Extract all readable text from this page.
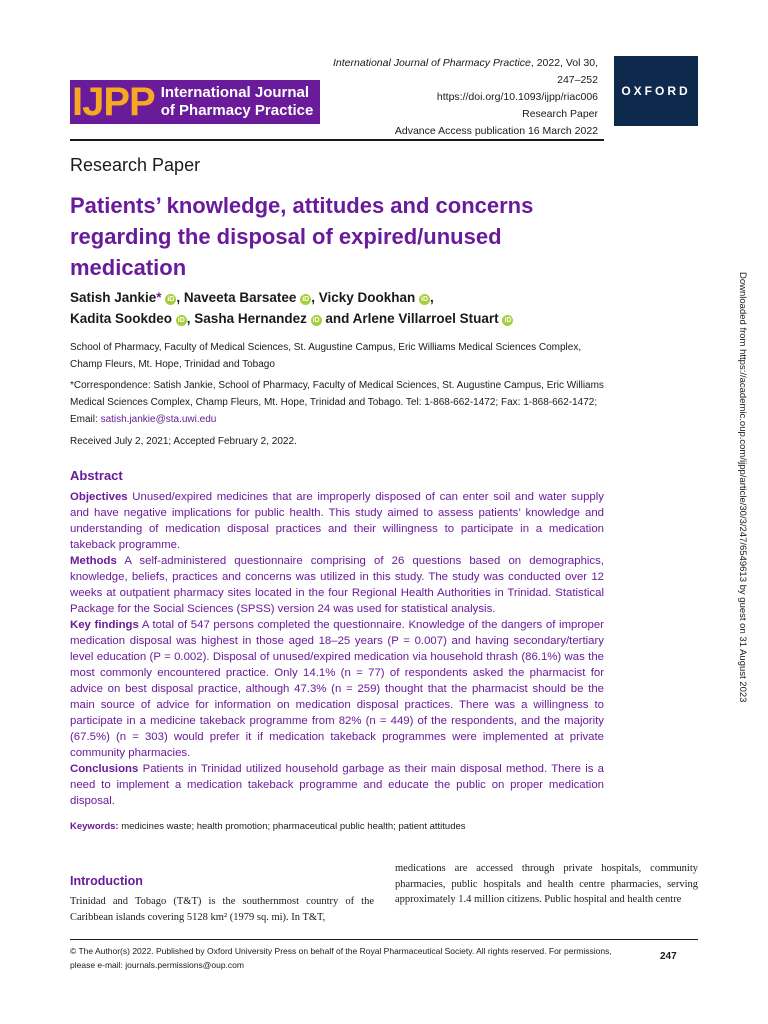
IJPP International Journal
of Pharmacy Practice
International Journal of Pharmacy Practice, 2022, Vol 30, 247–252
https://doi.org/10.1093/ijpp/riac006
Research Paper
Advance Access publication 16 March 2022
OXFORD
Research Paper
Patients’ knowledge, attitudes and concerns regarding the disposal of expired/unused medication
Satish Jankie* iD , Naveeta Barsatee iD , Vicky Dookhan iD ,
Kadita Sookdeo iD , Sasha Hernandez iD and Arlene Villarroel Stuart iD
School of Pharmacy, Faculty of Medical Sciences, St. Augustine Campus, Eric Williams Medical Sciences Complex, Champ Fleurs, Mt. Hope, Trinidad and Tobago
*Correspondence: Satish Jankie, School of Pharmacy, Faculty of Medical Sciences, St. Augustine Campus, Eric Williams Medical Sciences Complex, Champ Fleurs, Mt. Hope, Trinidad and Tobago. Tel: 1-868-662-1472; Fax: 1-868-662-1472; Email: satish.jankie@sta.uwi.edu
Received July 2, 2021; Accepted February 2, 2022.
Abstract

Objectives Unused/expired medicines that are improperly disposed of can enter soil and water supply and have negative implications for public health. This study aimed to assess patients’ knowledge and understanding of medication disposal practices and their willingness to participate in a medication takeback programme.

Methods A self-administered questionnaire comprising of 26 questions based on demographics, knowledge, beliefs, practices and concerns was utilized in this study. The study was conducted over 12 weeks at outpatient pharmacy sites located in the four Regional Health Authorities in Trinidad. Statistical Package for the Social Sciences (SPSS) version 24 was used for statistical analysis.

Key findings A total of 547 persons completed the questionnaire. Knowledge of the dangers of improper medication disposal was highest in those aged 18–25 years (P = 0.007) and having secondary/tertiary level education (P = 0.002). Disposal of unused/expired medication via household thrash (86.1%) was the most commonly encountered practice. Only 14.1% (n = 77) of respondents asked the pharmacist for advice on best disposal practice, although 47.3% (n = 259) thought that the pharmacist should be the main source of advice for information on medication disposal practices. There was a willingness to participate in a medicine takeback programme from 82% (n = 449) of the respondents, and the majority (67.5%) (n = 303) would prefer it if medication takeback programmes were implemented at private community pharmacies.

Conclusions Patients in Trinidad utilized household garbage as their main disposal method. There is a need to implement a medication takeback programme and educate the public on proper medication disposal.

Keywords: medicines waste; health promotion; pharmaceutical public health; patient attitudes
Introduction
Trinidad and Tobago (T&T) is the southernmost country of the Caribbean islands covering 5128 km² (1979 sq. mi). In T&T,
medications are accessed through private hospitals, community pharmacies, public hospitals and health centre pharmacies, serving approximately 1.4 million citizens. Public hospital and health centre
© The Author(s) 2022. Published by Oxford University Press on behalf of the Royal Pharmaceutical Society. All rights reserved. For permissions, please e-mail: journals.permissions@oup.com
247
Downloaded from https://academic.oup.com/ijpp/article/30/3/247/6549613 by guest on 31 August 2023
